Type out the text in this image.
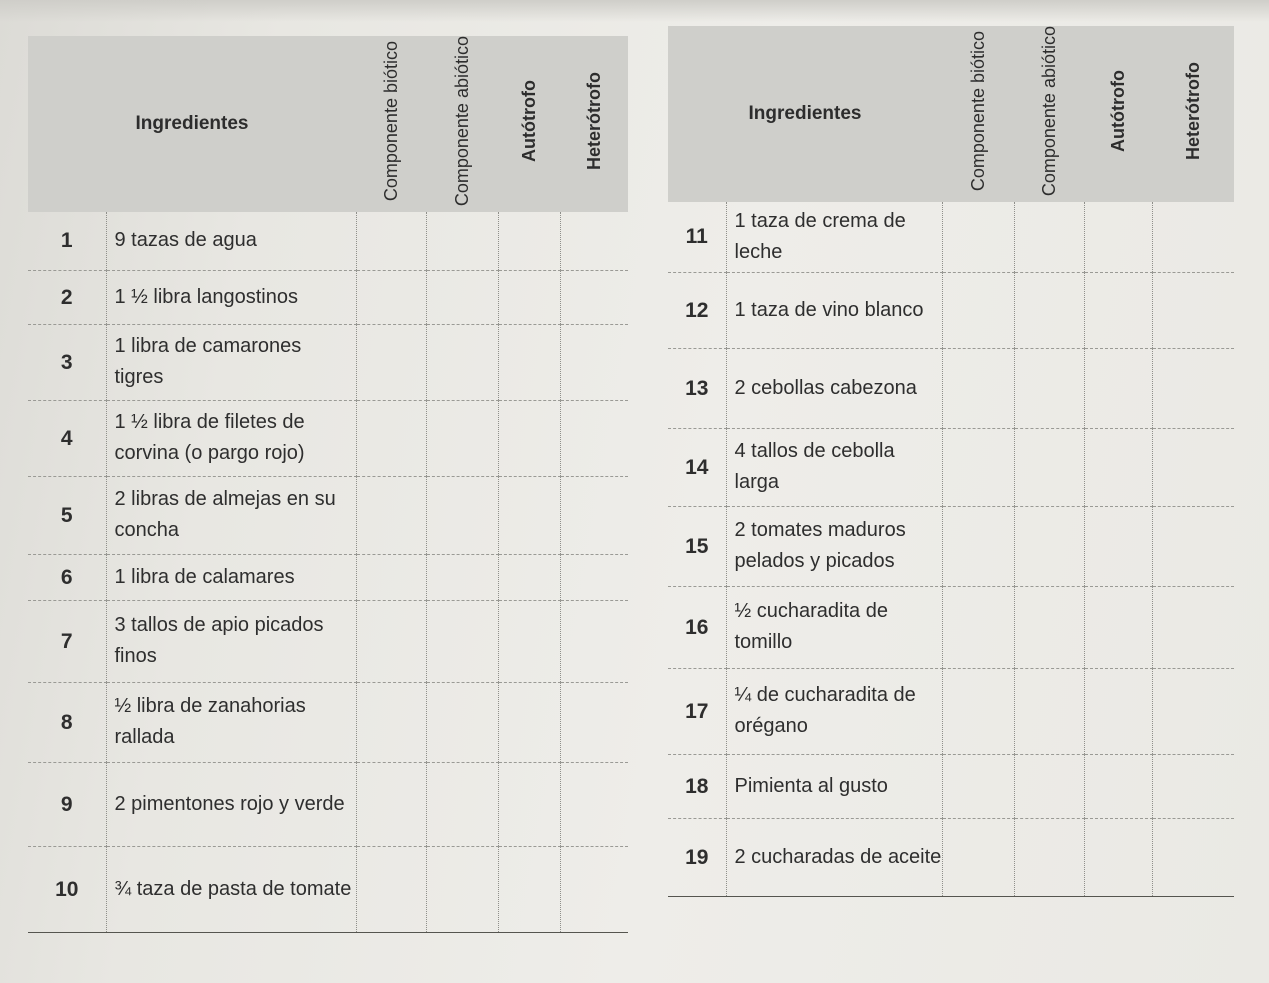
Ingredientes		Componente biótico	Componente abiótico	Autótrofo	Heterótrofo
1	9 tazas de agua				
2	1 ½ libra langostinos				
3	1 libra de camarones tigres				
4	1 ½ libra de filetes de corvina (o pargo rojo)				
5	2 libras de almejas en su concha				
6	1 libra de calamares				
7	3 tallos de apio picados finos				
8	½ libra de zanahorias rallada				
9	2 pimentones rojo y verde				
10	¾ taza de pasta de tomate				
Ingredientes		Componente biótico	Componente abiótico	Autótrofo	Heterótrofo
11	1 taza de crema de leche				
12	1 taza de vino blanco				
13	2 cebollas cabezona				
14	4 tallos de cebolla larga				
15	2 tomates maduros pelados y picados				
16	½ cucharadita de tomillo				
17	¼ de cucharadita de orégano				
18	Pimienta al gusto				
19	2 cucharadas de aceite				
